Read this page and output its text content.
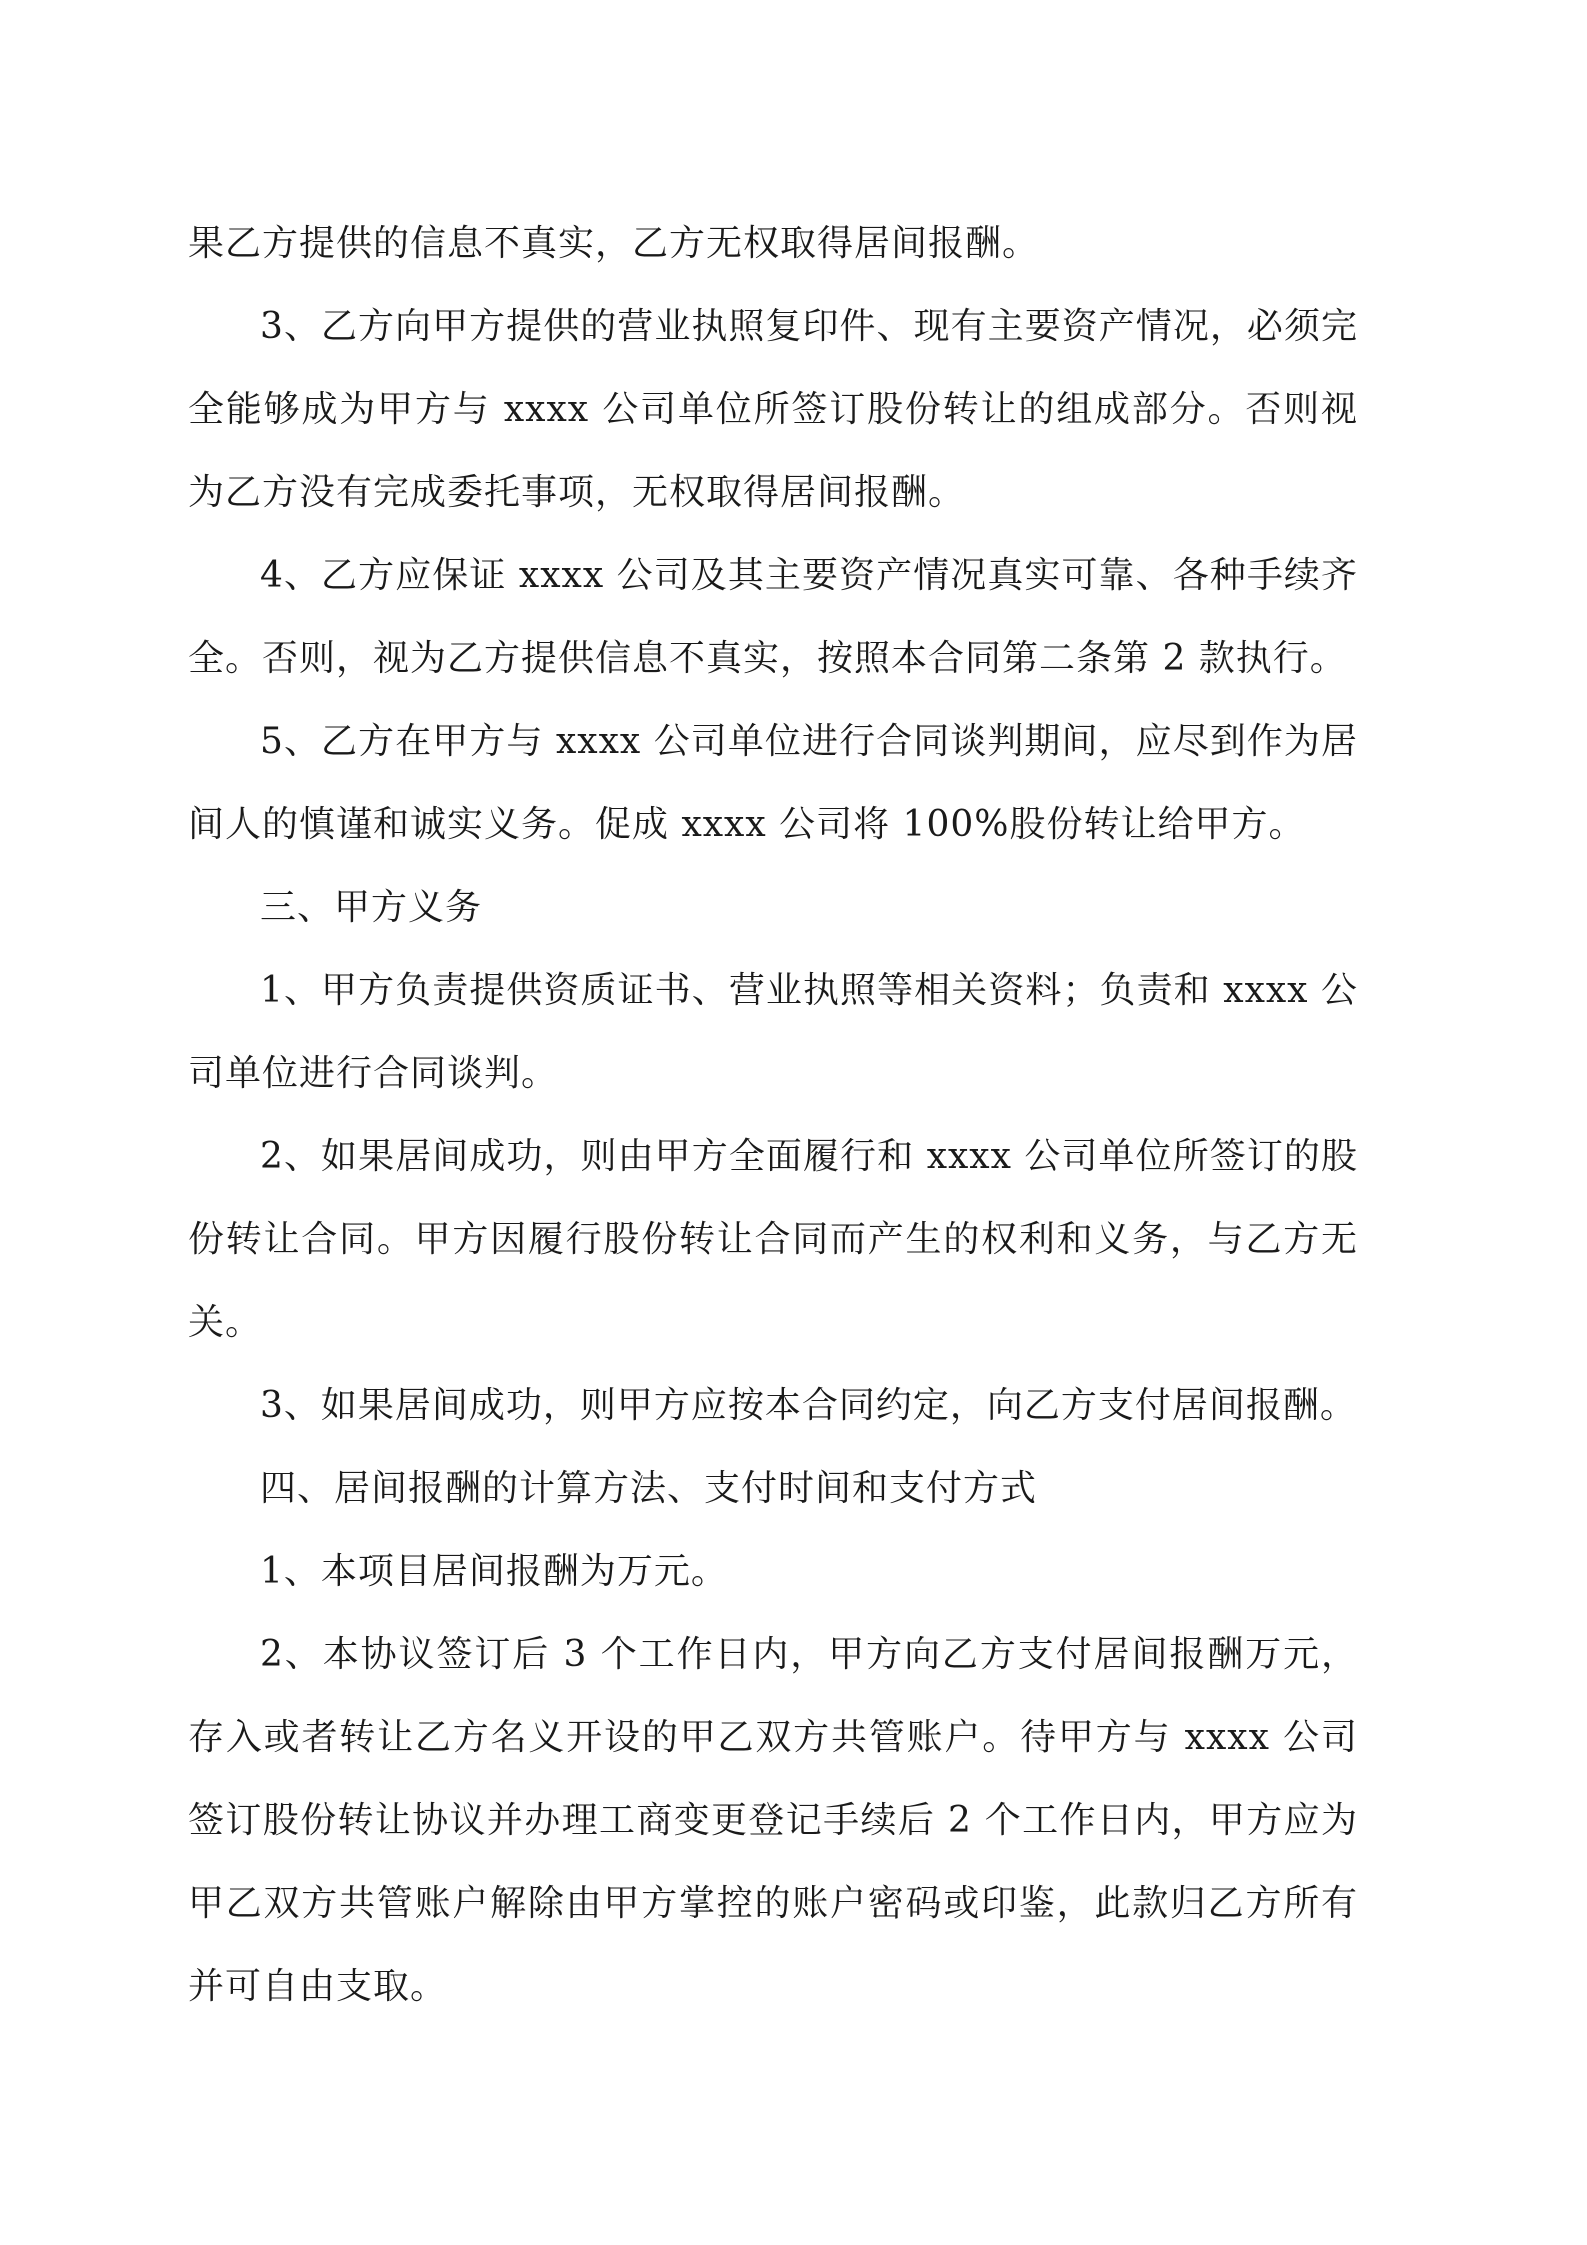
果乙方提供的信息不真实，乙方无权取得居间报酬。

3、乙方向甲方提供的营业执照复印件、现有主要资产情况，必须完全能够成为甲方与 xxxx 公司单位所签订股份转让的组成部分。否则视为乙方没有完成委托事项，无权取得居间报酬。

4、乙方应保证 xxxx 公司及其主要资产情况真实可靠、各种手续齐全。否则，视为乙方提供信息不真实，按照本合同第二条第 2 款执行。

5、乙方在甲方与 xxxx 公司单位进行合同谈判期间，应尽到作为居间人的慎谨和诚实义务。促成 xxxx 公司将 100%股份转让给甲方。

三、甲方义务

1、甲方负责提供资质证书、营业执照等相关资料；负责和 xxxx 公司单位进行合同谈判。

2、如果居间成功，则由甲方全面履行和 xxxx 公司单位所签订的股份转让合同。甲方因履行股份转让合同而产生的权利和义务，与乙方无关。

3、如果居间成功，则甲方应按本合同约定，向乙方支付居间报酬。

四、居间报酬的计算方法、支付时间和支付方式

1、本项目居间报酬为万元。

2、本协议签订后 3 个工作日内，甲方向乙方支付居间报酬万元，存入或者转让乙方名义开设的甲乙双方共管账户。待甲方与 xxxx 公司签订股份转让协议并办理工商变更登记手续后 2 个工作日内，甲方应为甲乙双方共管账户解除由甲方掌控的账户密码或印鉴，此款归乙方所有并可自由支取。
